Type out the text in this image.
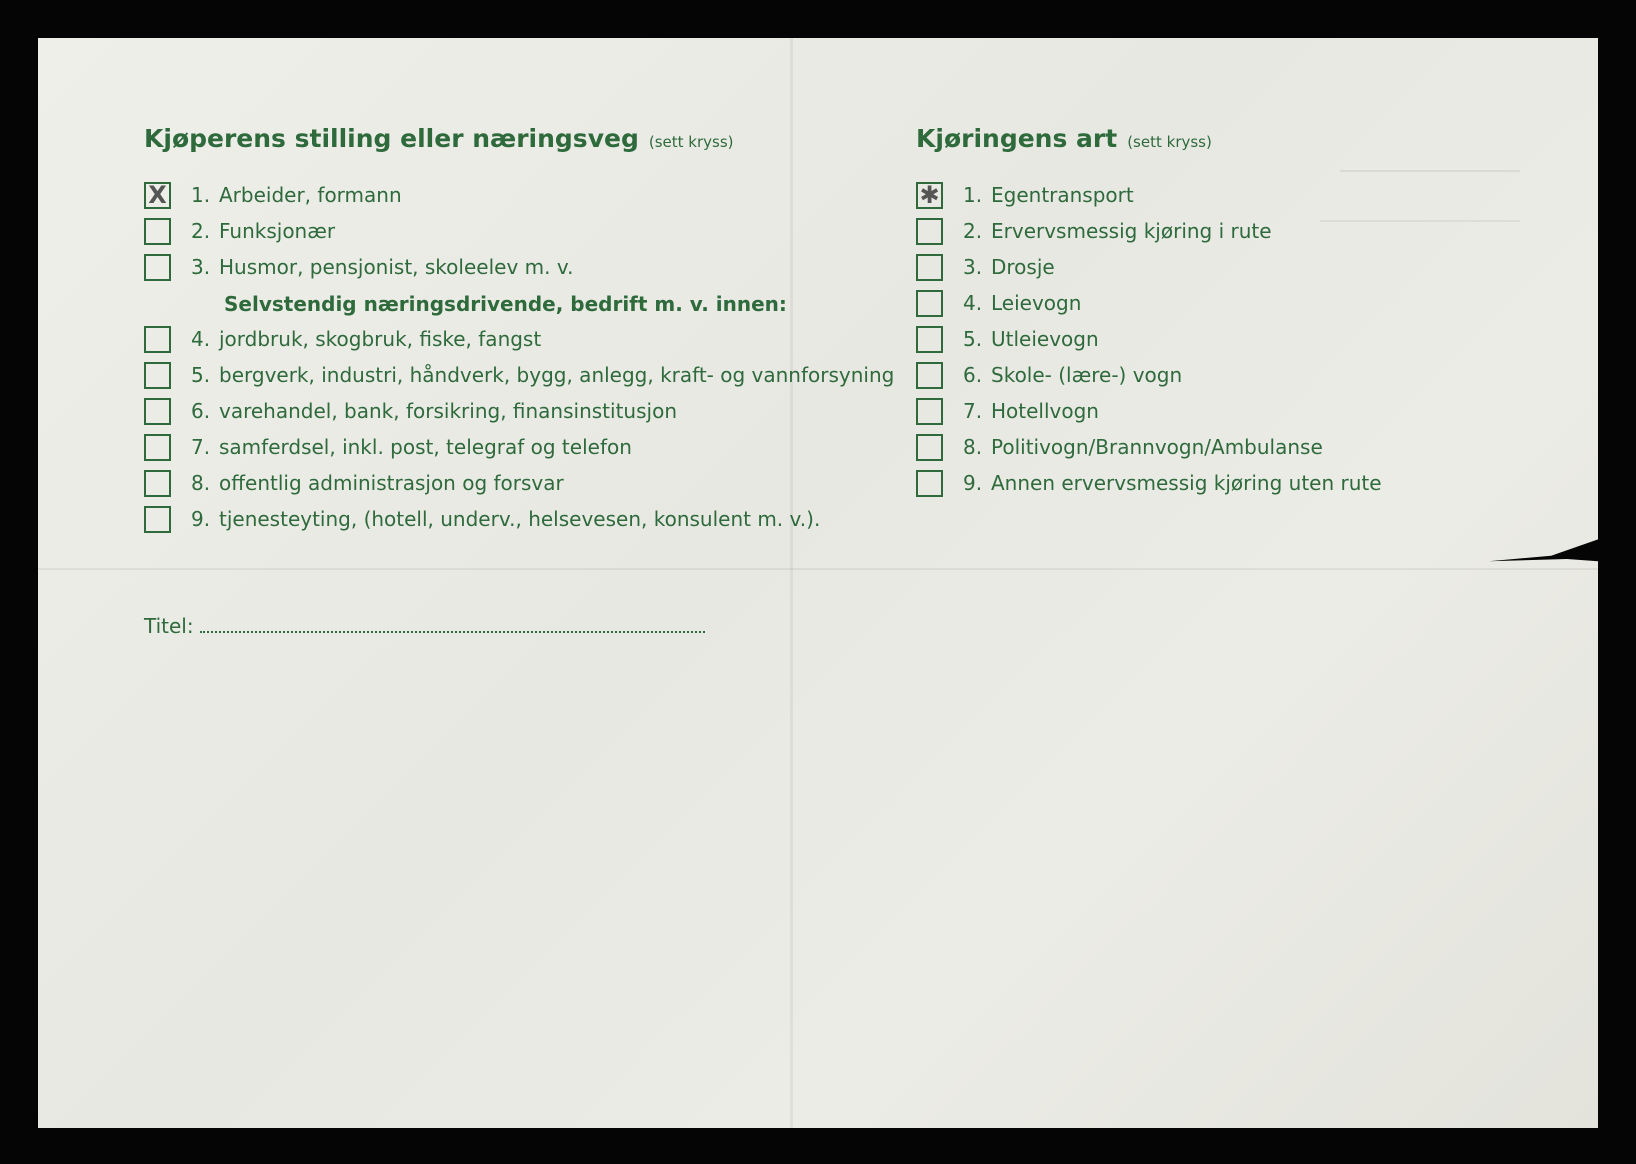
Kjøperens stilling eller næringsveg (sett kryss)
X 1. Arbeider, formann
2. Funksjonær
3. Husmor, pensjonist, skoleelev m. v.
Selvstendig næringsdrivende, bedrift m. v. innen:
4. jordbruk, skogbruk, fiske, fangst
5. bergverk, industri, håndverk, bygg, anlegg, kraft- og vannforsyning
6. varehandel, bank, forsikring, finansinstitusjon
7. samferdsel, inkl. post, telegraf og telefon
8. offentlig administrasjon og forsvar
9. tjenesteyting, (hotell, underv., helsevesen, konsulent m. v.).
Kjøringens art (sett kryss)
✱ 1. Egentransport
2. Ervervsmessig kjøring i rute
3. Drosje
4. Leievogn
5. Utleievogn
6. Skole- (lære-) vogn
7. Hotellvogn
8. Politivogn/Brannvogn/Ambulanse
9. Annen ervervsmessig kjøring uten rute
Titel:
